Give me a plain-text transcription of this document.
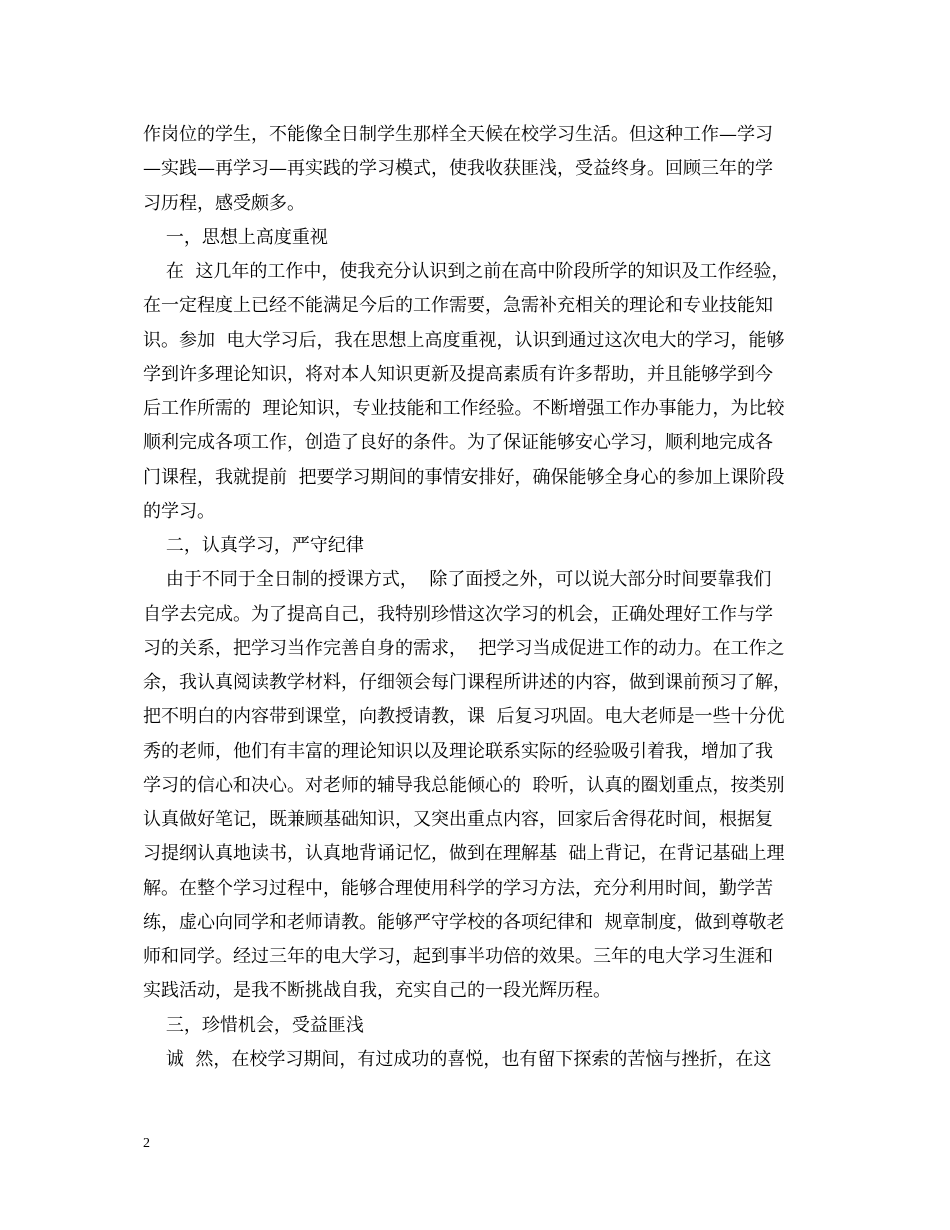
作岗位的学生，不能像全日制学生那样全天候在校学习生活。但这种工作—学习
—实践—再学习—再实践的学习模式，使我收获匪浅，受益终身。回顾三年的学
习历程，感受颇多。
一，思想上高度重视
在  这几年的工作中，使我充分认识到之前在高中阶段所学的知识及工作经验，
在一定程度上已经不能满足今后的工作需要，急需补充相关的理论和专业技能知
识。参加  电大学习后，我在思想上高度重视，认识到通过这次电大的学习，能够
学到许多理论知识，将对本人知识更新及提高素质有许多帮助，并且能够学到今
后工作所需的  理论知识，专业技能和工作经验。不断增强工作办事能力，为比较
顺利完成各项工作，创造了良好的条件。为了保证能够安心学习，顺利地完成各
门课程，我就提前  把要学习期间的事情安排好，确保能够全身心的参加上课阶段
的学习。
二，认真学习，严守纪律
由于不同于全日制的授课方式，  除了面授之外，可以说大部分时间要靠我们
自学去完成。为了提高自己，我特别珍惜这次学习的机会，正确处理好工作与学
习的关系，把学习当作完善自身的需求，  把学习当成促进工作的动力。在工作之
余，我认真阅读教学材料，仔细领会每门课程所讲述的内容，做到课前预习了解，
把不明白的内容带到课堂，向教授请教，课  后复习巩固。电大老师是一些十分优
秀的老师，他们有丰富的理论知识以及理论联系实际的经验吸引着我，增加了我
学习的信心和决心。对老师的辅导我总能倾心的  聆听，认真的圈划重点，按类别
认真做好笔记，既兼顾基础知识，又突出重点内容，回家后舍得花时间，根据复
习提纲认真地读书，认真地背诵记忆，做到在理解基  础上背记，在背记基础上理
解。在整个学习过程中，能够合理使用科学的学习方法，充分利用时间，勤学苦
练，虚心向同学和老师请教。能够严守学校的各项纪律和  规章制度，做到尊敬老
师和同学。经过三年的电大学习，起到事半功倍的效果。三年的电大学习生涯和
实践活动，是我不断挑战自我，充实自己的一段光辉历程。
三，珍惜机会，受益匪浅
诚  然，在校学习期间，有过成功的喜悦，也有留下探索的苦恼与挫折，在这
2
